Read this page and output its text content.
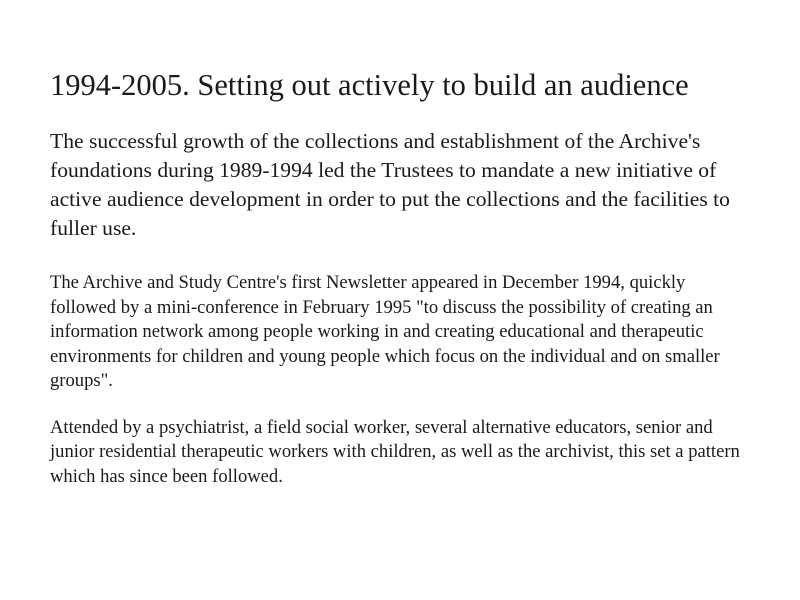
1994-2005. Setting out actively to build an audience

The successful growth of the collections and establishment of the Archive's foundations during 1989-1994 led the Trustees to mandate a new initiative of active audience development in order to put the collections and the facilities to fuller use.

The Archive and Study Centre's first Newsletter appeared in December 1994, quickly followed by a mini-conference in February 1995 "to discuss the possibility of creating an information network among people working in and creating educational and therapeutic environments for children and young people which focus on the individual and on smaller groups".

Attended by a psychiatrist, a field social worker, several alternative educators, senior and junior residential therapeutic workers with children, as well as the archivist, this set a pattern which has since been followed.
